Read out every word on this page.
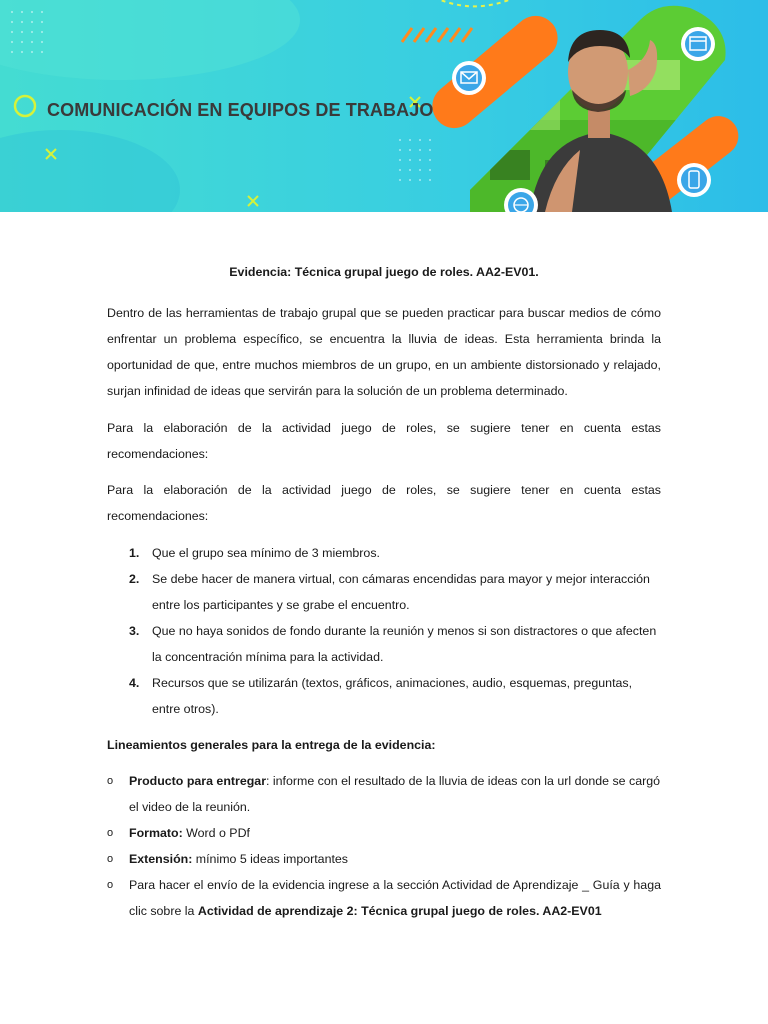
COMUNICACIÓN EN EQUIPOS DE TRABAJO
Evidencia: Técnica grupal juego de roles. AA2-EV01.

Dentro de las herramientas de trabajo grupal que se pueden practicar para buscar medios de cómo enfrentar un problema específico, se encuentra la lluvia de ideas. Esta herramienta brinda la oportunidad de que, entre muchos miembros de un grupo, en un ambiente distorsionado y relajado, surjan infinidad de ideas que servirán para la solución de un problema determinado.

Para la elaboración de la actividad juego de roles, se sugiere tener en cuenta estas recomendaciones:

Para la elaboración de la actividad juego de roles, se sugiere tener en cuenta estas recomendaciones:

1. Que el grupo sea mínimo de 3 miembros.
2. Se debe hacer de manera virtual, con cámaras encendidas para mayor y mejor interacción entre los participantes y se grabe el encuentro.
3. Que no haya sonidos de fondo durante la reunión y menos si son distractores o que afecten la concentración mínima para la actividad.
4. Recursos que se utilizarán (textos, gráficos, animaciones, audio, esquemas, preguntas, entre otros).
Lineamientos generales para la entrega de la evidencia:
o Producto para entregar: informe con el resultado de la lluvia de ideas con la url donde se cargó el video de la reunión.
o Formato: Word o PDf
o Extensión: mínimo 5 ideas importantes
o Para hacer el envío de la evidencia ingrese a la sección Actividad de Aprendizaje _ Guía y haga clic sobre la Actividad de aprendizaje 2: Técnica grupal juego de roles. AA2-EV01
